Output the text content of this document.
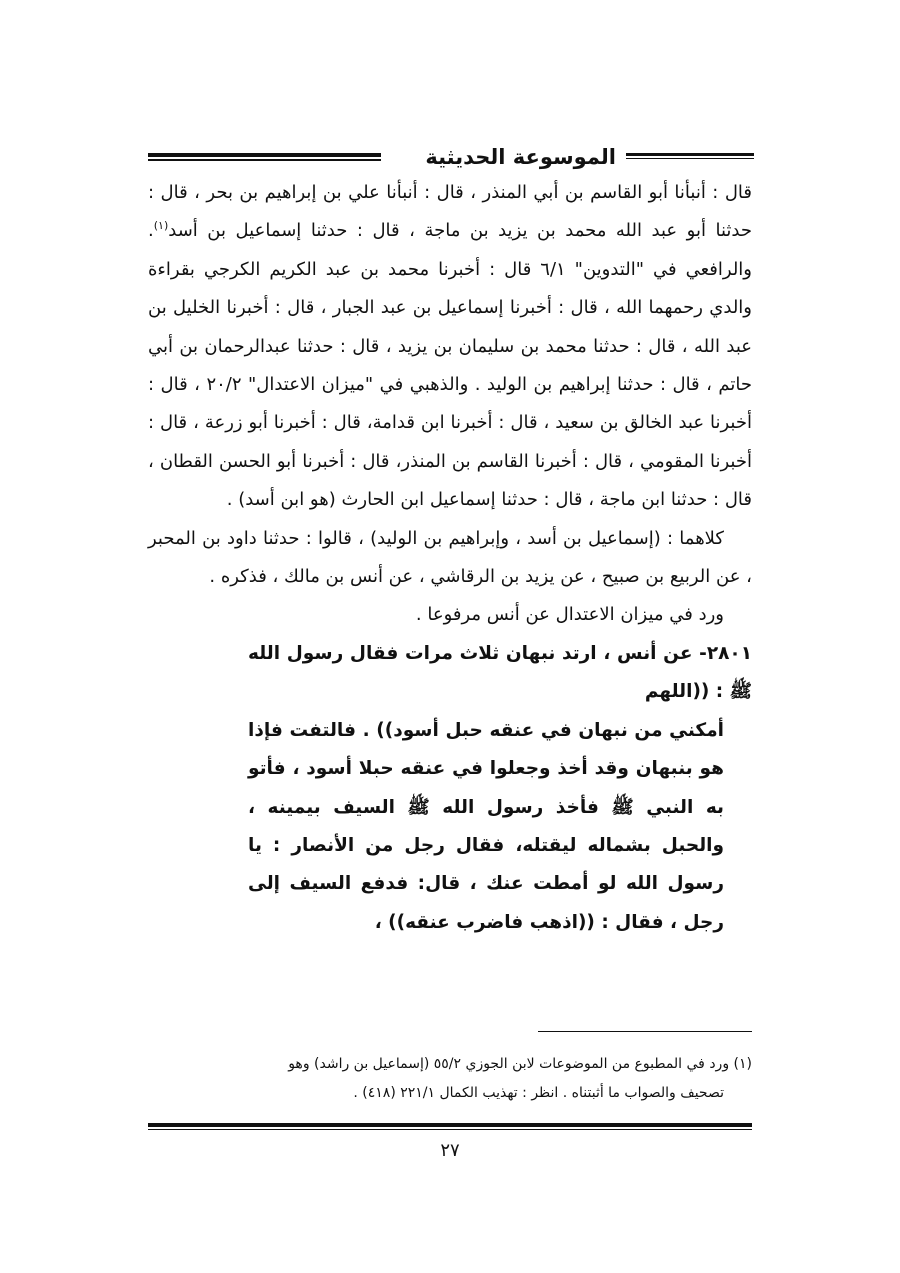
الموسوعة الحديثية

قال : أنبأنا أبو القاسم بن أبي المنذر ، قال : أنبأنا علي بن إبراهيم بن بحر ، قال : حدثنا أبو عبد الله محمد بن يزيد بن ماجة ، قال : حدثنا إسماعيل بن أسد$^{(١)}$. والرافعي في "التدوين" ٦/١ قال : أخبرنا محمد بن عبد الكريم الكرجي بقراءة والدي رحمهما الله ، قال : أخبرنا إسماعيل بن عبد الجبار ، قال : أخبرنا الخليل بن عبد الله ، قال : حدثنا محمد بن سليمان بن يزيد ، قال : حدثنا عبدالرحمان بن أبي حاتم ، قال : حدثنا إبراهيم بن الوليد . والذهبي في "ميزان الاعتدال" ٢٠/٢ ، قال : أخبرنا عبد الخالق بن سعيد ، قال : أخبرنا ابن قدامة، قال : أخبرنا أبو زرعة ، قال : أخبرنا المقومي ، قال : أخبرنا القاسم بن المنذر، قال : أخبرنا أبو الحسن القطان ، قال : حدثنا ابن ماجة ، قال : حدثنا إسماعيل ابن الحارث (هو ابن أسد) .

كلاهما : (إسماعيل بن أسد ، وإبراهيم بن الوليد) ، قالوا : حدثنا داود بن المحبر ، عن الربيع بن صبيح ، عن يزيد بن الرقاشي ، عن أنس بن مالك ، فذكره .

ورد في ميزان الاعتدال عن أنس مرفوعا .

٢٨٠١- عن أنس ، ارتد نبهان ثلاث مرات فقال رسول الله ﷺ : ((اللهم
أمكني من نبهان في عنقه حبل أسود)) . فالتفت فإذا هو بنبهان وقد أخذ وجعلوا في عنقه حبلا أسود ، فأتو به النبي ﷺ فأخذ رسول الله ﷺ السيف بيمينه ، والحبل بشماله ليقتله، فقال رجل من الأنصار : يا رسول الله لو أمطت عنك ، قال: فدفع السيف إلى رجل ، فقال : ((اذهب فاضرب عنقه)) ،

(١) ورد في المطبوع من الموضوعات لابن الجوزي ٥٥/٢ (إسماعيل بن راشد) وهو
تصحيف والصواب ما أثبتناه . انظر : تهذيب الكمال ٢٢١/١ (٤١٨) .

٢٧
